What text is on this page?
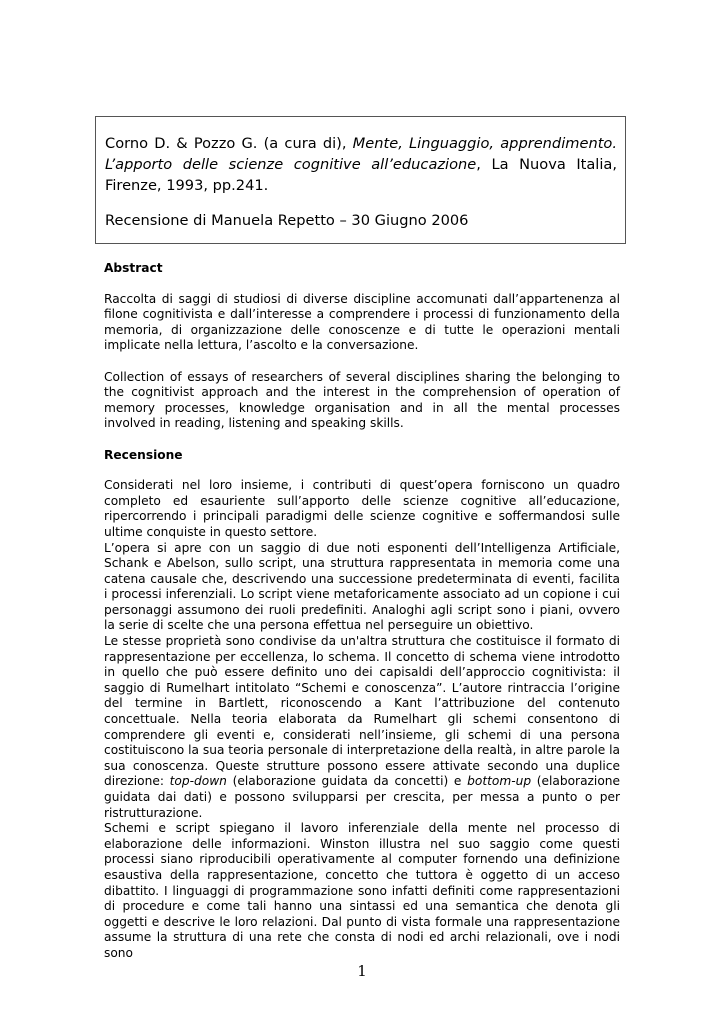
Corno D. & Pozzo G. (a cura di), Mente, Linguaggio, apprendimento. L’apporto delle scienze cognitive all’educazione, La Nuova Italia, Firenze, 1993, pp.241.

Recensione di Manuela Repetto – 30 Giugno 2006
Abstract

Raccolta di saggi di studiosi di diverse discipline accomunati dall’appartenenza al filone cognitivista e dall’interesse a comprendere i processi di funzionamento della memoria, di organizzazione delle conoscenze e di tutte le operazioni mentali implicate nella lettura, l’ascolto e la conversazione.

Collection of essays of researchers of several disciplines sharing the belonging to the cognitivist approach and the interest in the comprehension of operation of memory processes, knowledge organisation and in all the mental processes involved in reading, listening and speaking skills.

Recensione

Considerati nel loro insieme, i contributi di quest’opera forniscono un quadro completo ed esauriente sull’apporto delle scienze cognitive all’educazione, ripercorrendo i principali paradigmi delle scienze cognitive e soffermandosi sulle ultime conquiste in questo settore.

L’opera si apre con un saggio di due noti esponenti dell’Intelligenza Artificiale, Schank e Abelson, sullo script, una struttura rappresentata in memoria come una catena causale che, descrivendo una successione predeterminata di eventi, facilita i processi inferenziali. Lo script viene metaforicamente associato ad un copione i cui personaggi assumono dei ruoli predefiniti. Analoghi agli script sono i piani, ovvero la serie di scelte che una persona effettua nel perseguire un obiettivo.

Le stesse proprietà sono condivise da un'altra struttura che costituisce il formato di rappresentazione per eccellenza, lo schema. Il concetto di schema viene introdotto in quello che può essere definito uno dei capisaldi dell’approccio cognitivista: il saggio di Rumelhart intitolato “Schemi e conoscenza”. L’autore rintraccia l’origine del termine in Bartlett, riconoscendo a Kant l’attribuzione del contenuto concettuale. Nella teoria elaborata da Rumelhart gli schemi consentono di comprendere gli eventi e, considerati nell’insieme, gli schemi di una persona costituiscono la sua teoria personale di interpretazione della realtà, in altre parole la sua conoscenza. Queste strutture possono essere attivate secondo una duplice direzione: top-down (elaborazione guidata da concetti) e bottom-up (elaborazione guidata dai dati) e possono svilupparsi per crescita, per messa a punto o per ristrutturazione.

Schemi e script spiegano il lavoro inferenziale della mente nel processo di elaborazione delle informazioni. Winston illustra nel suo saggio come questi processi siano riproducibili operativamente al computer fornendo una definizione esaustiva della rappresentazione, concetto che tuttora è oggetto di un acceso dibattito. I linguaggi di programmazione sono infatti definiti come rappresentazioni di procedure e come tali hanno una sintassi ed una semantica che denota gli oggetti e descrive le loro relazioni. Dal punto di vista formale una rappresentazione assume la struttura di una rete che consta di nodi ed archi relazionali, ove i nodi sono

1
